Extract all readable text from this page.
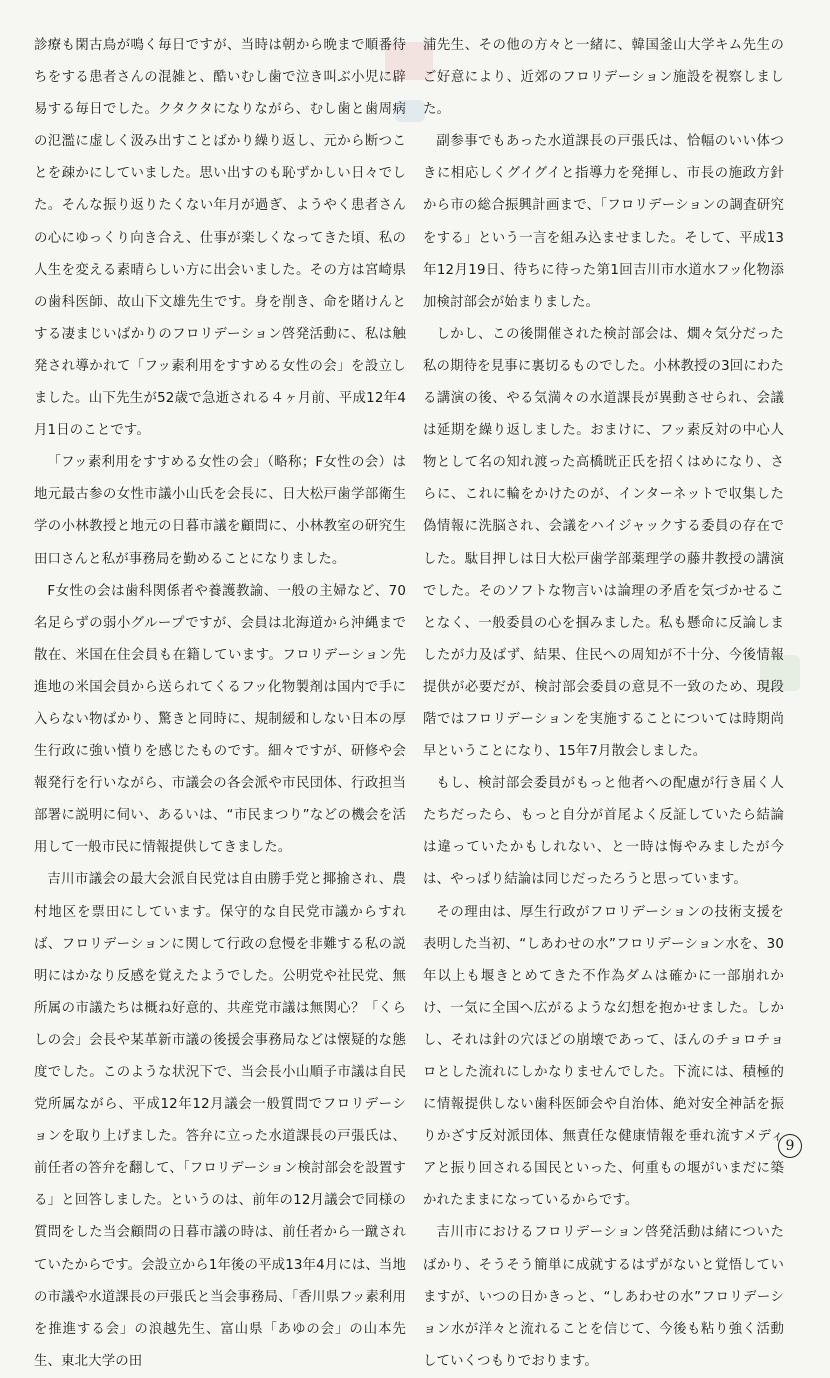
診療も閑古鳥が鳴く毎日ですが、当時は朝から晩まで順番待ちをする患者さんの混雑と、酷いむし歯で泣き叫ぶ小児に辟易する毎日でした。クタクタになりながら、むし歯と歯周病の氾濫に虚しく汲み出すことばかり繰り返し、元から断つことを疎かにしていました。思い出すのも恥ずかしい日々でした。そんな振り返りたくない年月が過ぎ、ようやく患者さんの心にゆっくり向き合え、仕事が楽しくなってきた頃、私の人生を変える素晴らしい方に出会いました。その方は宮崎県の歯科医師、故山下文雄先生です。身を削き、命を賭けんとする凄まじいばかりのフロリデーション啓発活動に、私は触発され導かれて「フッ素利用をすすめる女性の会」を設立しました。山下先生が52歳で急逝される４ヶ月前、平成12年4月1日のことです。

「フッ素利用をすすめる女性の会」（略称；F女性の会）は地元最古参の女性市議小山氏を会長に、日大松戸歯学部衛生学の小林教授と地元の日暮市議を顧問に、小林教室の研究生田口さんと私が事務局を勤めることになりました。

F女性の会は歯科関係者や養護教諭、一般の主婦など、70名足らずの弱小グループですが、会員は北海道から沖縄まで散在、米国在住会員も在籍しています。フロリデーション先進地の米国会員から送られてくるフッ化物製剤は国内で手に入らない物ばかり、驚きと同時に、規制緩和しない日本の厚生行政に強い憤りを感じたものです。細々ですが、研修や会報発行を行いながら、市議会の各会派や市民団体、行政担当部署に説明に伺い、あるいは、“市民まつり”などの機会を活用して一般市民に情報提供してきました。

吉川市議会の最大会派自民党は自由勝手党と揶揄され、農村地区を票田にしています。保守的な自民党市議からすれば、フロリデーションに関して行政の怠慢を非難する私の説明にはかなり反感を覚えたようでした。公明党や社民党、無所属の市議たちは概ね好意的、共産党市議は無関心？「くらしの会」会長や某革新市議の後援会事務局などは懐疑的な態度でした。このような状況下で、当会長小山順子市議は自民党所属ながら、平成12年12月議会一般質問でフロリデーションを取り上げました。答弁に立った水道課長の戸張氏は、前任者の答弁を翻して、「フロリデーション検討部会を設置する」と回答しました。というのは、前年の12月議会で同様の質問をした当会顧問の日暮市議の時は、前任者から一蹴されていたからです。会設立から1年後の平成13年4月には、当地の市議や水道課長の戸張氏と当会事務局、「香川県フッ素利用を推進する会」の浪越先生、富山県「あゆの会」の山本先生、東北大学の田

浦先生、その他の方々と一緒に、韓国釜山大学キム先生のご好意により、近郊のフロリデーション施設を視察しました。

副参事でもあった水道課長の戸張氏は、恰幅のいい体つきに相応しくグイグイと指導力を発揮し、市長の施政方針から市の総合振興計画まで、「フロリデーションの調査研究をする」という一言を組み込ませました。そして、平成13年12月19日、待ちに待った第1回吉川市水道水フッ化物添加検討部会が始まりました。

しかし、この後開催された検討部会は、燗々気分だった私の期待を見事に裏切るものでした。小林教授の3回にわたる講演の後、やる気満々の水道課長が異動させられ、会議は延期を繰り返しました。おまけに、フッ素反対の中心人物として名の知れ渡った高橋晄正氏を招くはめになり、さらに、これに輪をかけたのが、インターネットで収集した偽情報に洗脳され、会議をハイジャックする委員の存在でした。駄目押しは日大松戸歯学部薬理学の藤井教授の講演でした。そのソフトな物言いは論理の矛盾を気づかせることなく、一般委員の心を掴みました。私も懸命に反論しましたが力及ばず、結果、住民への周知が不十分、今後情報提供が必要だが、検討部会委員の意見不一致のため、現段階ではフロリデーションを実施することについては時期尚早ということになり、15年7月散会しました。

もし、検討部会委員がもっと他者への配慮が行き届く人たちだったら、もっと自分が首尾よく反証していたら結論は違っていたかもしれない、と一時は悔やみましたが今は、やっぱり結論は同じだったろうと思っています。

その理由は、厚生行政がフロリデーションの技術支援を表明した当初、“しあわせの水”フロリデーション水を、30年以上も堰きとめてきた不作為ダムは確かに一部崩れかけ、一気に全国へ広がるような幻想を抱かせました。しかし、それは針の穴ほどの崩壊であって、ほんのチョロチョロとした流れにしかなりませんでした。下流には、積極的に情報提供しない歯科医師会や自治体、絶対安全神話を振りかざす反対派団体、無責任な健康情報を垂れ流すメディアと振り回される国民といった、何重もの堰がいまだに築かれたままになっているからです。

吉川市におけるフロリデーション啓発活動は緒についたばかり、そうそう簡単に成就するはずがないと覚悟していますが、いつの日かきっと、“しあわせの水”フロリデーション水が洋々と流れることを信じて、今後も粘り強く活動していくつもりでおります。

9
